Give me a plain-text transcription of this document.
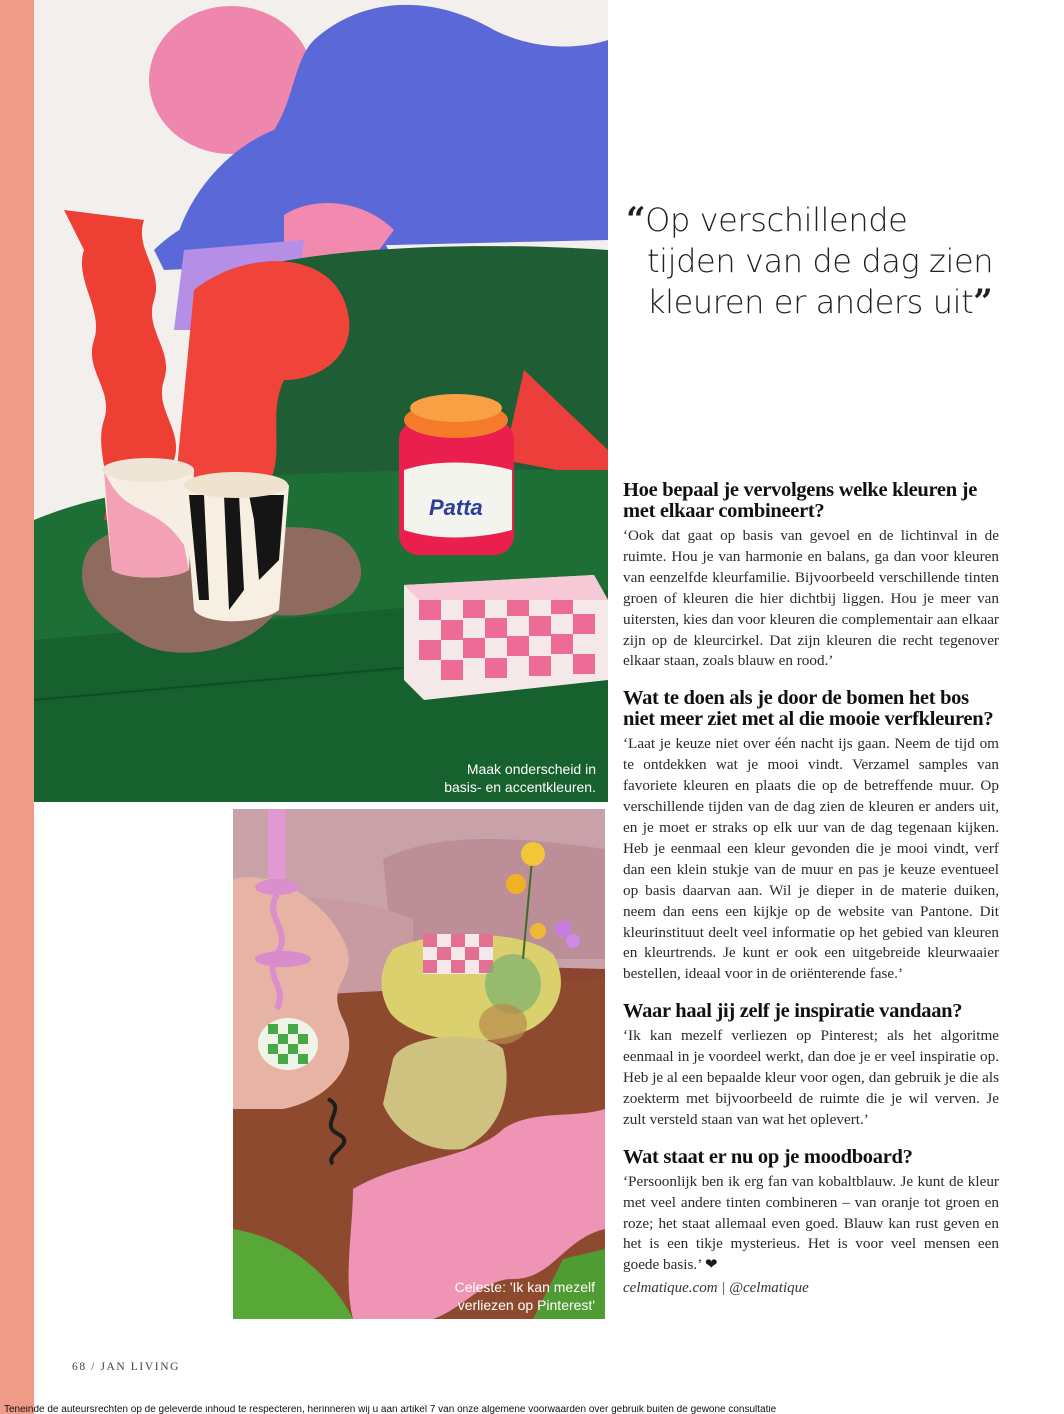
Patta
Maak onderscheid in
basis- en accentkleuren.
Celeste: 'Ik kan mezelf
verliezen op Pinterest'
“Op verschillende
tijden van de dag zien
kleuren er anders uit”
Hoe bepaal je vervolgens welke kleuren je met elkaar combineert?

‘Ook dat gaat op basis van gevoel en de lichtinval in de ruimte. Hou je van harmonie en balans, ga dan voor kleuren van eenzelfde kleurfamilie. Bijvoorbeeld verschillende tinten groen of kleuren die hier dichtbij liggen. Hou je meer van uitersten, kies dan voor kleuren die complementair aan elkaar zijn op de kleurcirkel. Dat zijn kleuren die recht tegenover elkaar staan, zoals blauw en rood.’

Wat te doen als je door de bomen het bos niet meer ziet met al die mooie verfkleuren?

‘Laat je keuze niet over één nacht ijs gaan. Neem de tijd om te ontdekken wat je mooi vindt. Verzamel samples van favoriete kleuren en plaats die op de betreffende muur. Op verschillende tijden van de dag zien de kleuren er anders uit, en je moet er straks op elk uur van de dag tegenaan kijken. Heb je eenmaal een kleur gevonden die je mooi vindt, verf dan een klein stukje van de muur en pas je keuze eventueel op basis daarvan aan. Wil je dieper in de materie duiken, neem dan eens een kijkje op de website van Pantone. Dit kleurinstituut deelt veel informatie op het gebied van kleuren en kleurtrends. Je kunt er ook een uitgebreide kleurwaaier bestellen, ideaal voor in de oriënterende fase.’

Waar haal jij zelf je inspiratie vandaan?

‘Ik kan mezelf verliezen op Pinterest; als het algoritme eenmaal in je voordeel werkt, dan doe je er veel inspiratie op. Heb je al een bepaalde kleur voor ogen, dan gebruik je die als zoekterm met bijvoorbeeld de ruimte die je wil verven. Je zult versteld staan van wat het oplevert.’

Wat staat er nu op je moodboard?

‘Persoonlijk ben ik erg fan van kobaltblauw. Je kunt de kleur met veel andere tinten combineren – van oranje tot groen en roze; het staat allemaal even goed. Blauw kan rust geven en het is een tikje mysterieus. Het is voor veel mensen een goede basis.’ ❤

celmatique.com | @celmatique
68 / JAN LIVING
Teneinde de auteursrechten op de geleverde inhoud te respecteren, herinneren wij u aan artikel 7 van onze algemene voorwaarden over gebruik buiten de gewone consultatie
